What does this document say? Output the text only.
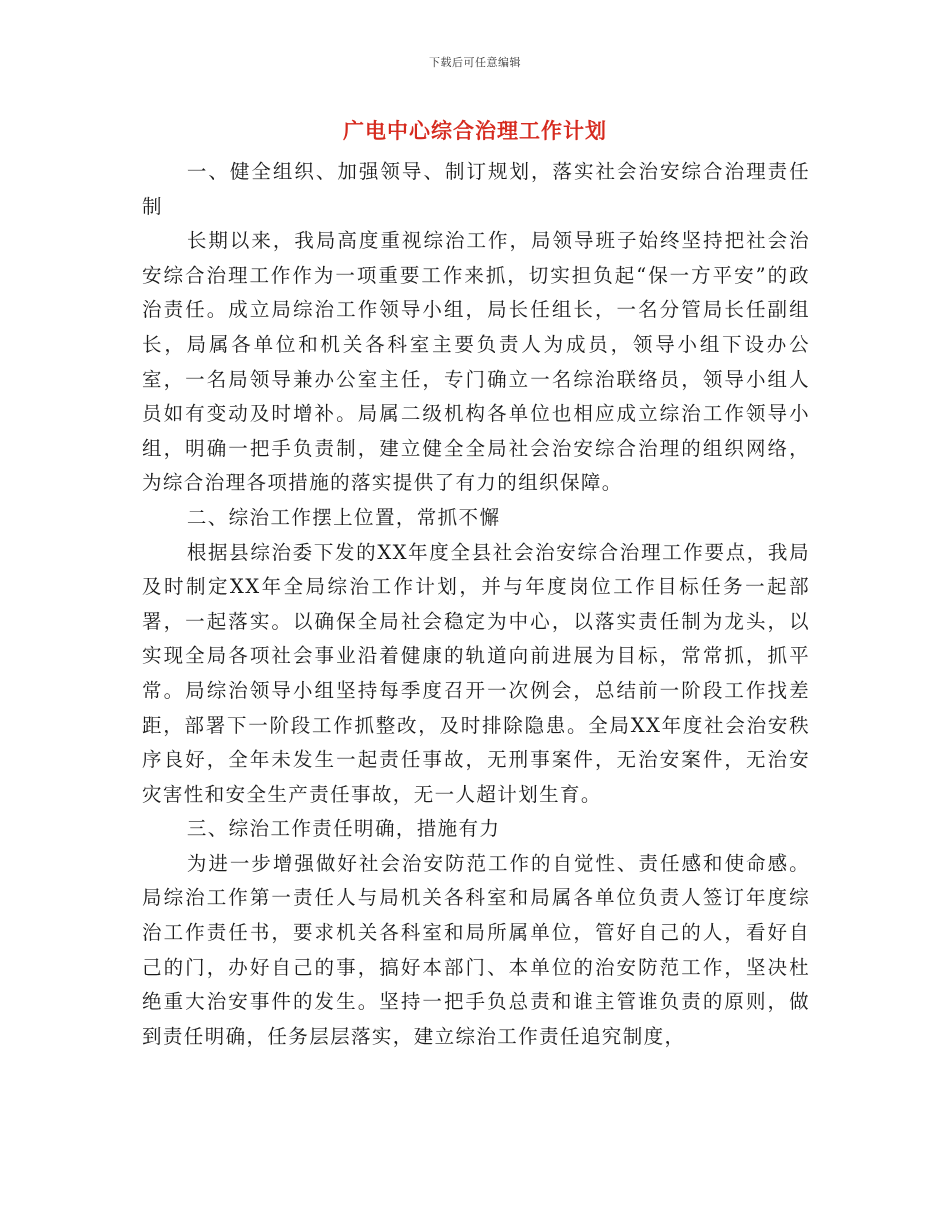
下载后可任意编辑
广电中心综合治理工作计划

一、健全组织、加强领导、制订规划，落实社会治安综合治理责任制

长期以来，我局高度重视综治工作，局领导班子始终坚持把社会治安综合治理工作作为一项重要工作来抓，切实担负起“保一方平安”的政治责任。成立局综治工作领导小组，局长任组长，一名分管局长任副组长，局属各单位和机关各科室主要负责人为成员，领导小组下设办公室，一名局领导兼办公室主任，专门确立一名综治联络员，领导小组人员如有变动及时增补。局属二级机构各单位也相应成立综治工作领导小组，明确一把手负责制，建立健全全局社会治安综合治理的组织网络，为综合治理各项措施的落实提供了有力的组织保障。

二、综治工作摆上位置，常抓不懈

根据县综治委下发的XX年度全县社会治安综合治理工作要点，我局及时制定XX年全局综治工作计划，并与年度岗位工作目标任务一起部署，一起落实。以确保全局社会稳定为中心，以落实责任制为龙头，以实现全局各项社会事业沿着健康的轨道向前进展为目标，常常抓，抓平常。局综治领导小组坚持每季度召开一次例会，总结前一阶段工作找差距，部署下一阶段工作抓整改，及时排除隐患。全局XX年度社会治安秩序良好，全年未发生一起责任事故，无刑事案件，无治安案件，无治安灾害性和安全生产责任事故，无一人超计划生育。

三、综治工作责任明确，措施有力

为进一步增强做好社会治安防范工作的自觉性、责任感和使命感。局综治工作第一责任人与局机关各科室和局属各单位负责人签订年度综治工作责任书，要求机关各科室和局所属单位，管好自己的人，看好自己的门，办好自己的事，搞好本部门、本单位的治安防范工作，坚决杜绝重大治安事件的发生。坚持一把手负总责和谁主管谁负责的原则，做到责任明确，任务层层落实，建立综治工作责任追究制度，
